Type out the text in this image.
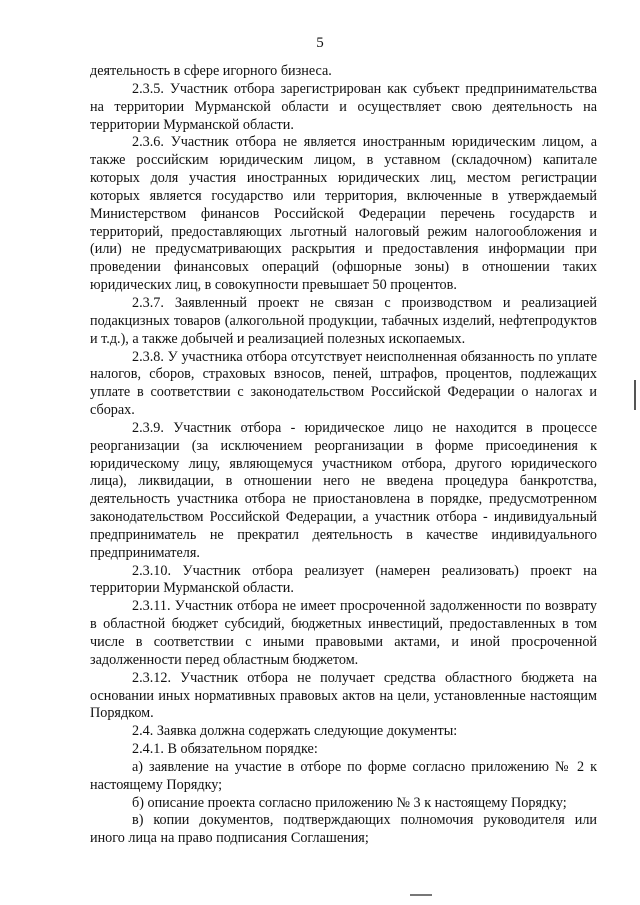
5

деятельность в сфере игорного бизнеса.

2.3.5. Участник отбора зарегистрирован как субъект предпринимательства на территории Мурманской области и осуществляет свою деятельность на территории Мурманской области.

2.3.6. Участник отбора не является иностранным юридическим лицом, а также российским юридическим лицом, в уставном (складочном) капитале которых доля участия иностранных юридических лиц, местом регистрации которых является государство или территория, включенные в утверждаемый Министерством финансов Российской Федерации перечень государств и территорий, предоставляющих льготный налоговый режим налогообложения и (или) не предусматривающих раскрытия и предоставления информации при проведении финансовых операций (офшорные зоны) в отношении таких юридических лиц, в совокупности превышает 50 процентов.

2.3.7. Заявленный проект не связан с производством и реализацией подакцизных товаров (алкогольной продукции, табачных изделий, нефтепродуктов и т.д.), а также добычей и реализацией полезных ископаемых.

2.3.8. У участника отбора отсутствует неисполненная обязанность по уплате налогов, сборов, страховых взносов, пеней, штрафов, процентов, подлежащих уплате в соответствии с законодательством Российской Федерации о налогах и сборах.

2.3.9. Участник отбора - юридическое лицо не находится в процессе реорганизации (за исключением реорганизации в форме присоединения к юридическому лицу, являющемуся участником отбора, другого юридического лица), ликвидации, в отношении него не введена процедура банкротства, деятельность участника отбора не приостановлена в порядке, предусмотренном законодательством Российской Федерации, а участник отбора - индивидуальный предприниматель не прекратил деятельность в качестве индивидуального предпринимателя.

2.3.10. Участник отбора реализует (намерен реализовать) проект на территории Мурманской области.

2.3.11. Участник отбора не имеет просроченной задолженности по возврату в областной бюджет субсидий, бюджетных инвестиций, предоставленных в том числе в соответствии с иными правовыми актами, и иной просроченной задолженности перед областным бюджетом.

2.3.12. Участник отбора не получает средства областного бюджета на основании иных нормативных правовых актов на цели, установленные настоящим Порядком.

2.4. Заявка должна содержать следующие документы:

2.4.1. В обязательном порядке:

а) заявление на участие в отборе по форме согласно приложению № 2 к настоящему Порядку;

б) описание проекта согласно приложению № 3 к настоящему Порядку;

в) копии документов, подтверждающих полномочия руководителя или иного лица на право подписания Соглашения;
